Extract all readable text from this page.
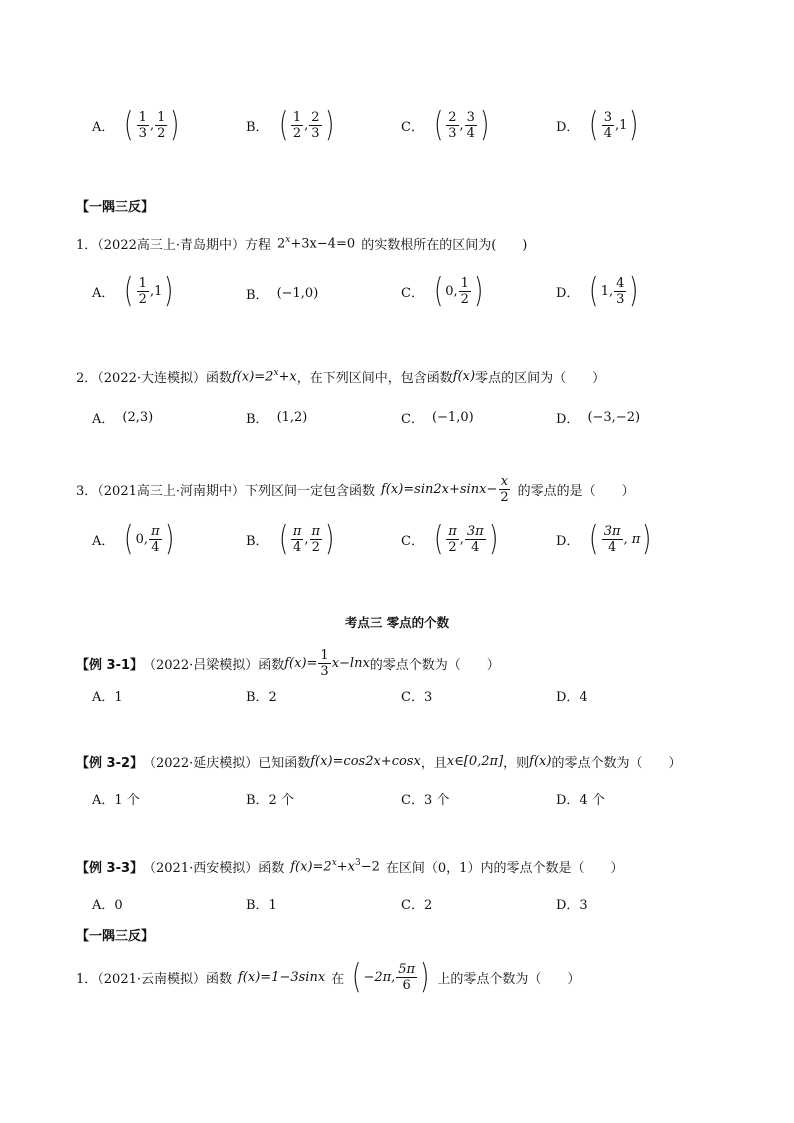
A． ( $\frac{1}{3}$ , $\frac{1}{2}$ )	B． ( $\frac{1}{2}$ , $\frac{2}{3}$ )	C． ( $\frac{2}{3}$ , $\frac{3}{4}$ )	D． ( $\frac{3}{4}$ , 1 )
【一隅三反】
1．（2022高三上·青岛期中）方程 $2^x+3x-4=0$ 的实数根所在的区间为(　　)
A． ( $\frac{1}{2} ,1$ )	B． (−1,0)	C． ( 0, $\frac{1}{2}$ )	D． ( 1, $\frac{4}{3}$ )
2．（2022·大连模拟）函数 $f(x)=2^x+x$ ，在下列区间中，包含函数 f(x) 零点的区间为（　　）
A． (2,3)	B． (1,2)	C． (−1,0)	D． (−3,−2)
3．（2021高三上·河南期中）下列区间一定包含函数 $f(x)=\sin 2x+\sin x- \frac{x}{2}$ 的零点的是（　　）
A． ( 0, $\frac{\pi}{4}$ )	B． ( $\frac{\pi}{4}$ , $\frac{\pi}{2}$ )	C． ( $\frac{\pi}{2}$ , $\frac{3\pi}{4}$ )	D． ( $\frac{3\pi}{4}$ , π )
考点三 零点的个数
【例 3-1】 （2022·吕梁模拟）函数 $f(x)= \frac{1}{3} x-\ln x$ 的零点个数为（　　）
A．1	B．2	C．3	D．4
【例 3-2】 （2022·延庆模拟）已知函数 f(x)=cos2x+cosx ，且 x∈[0,2π] ，则 f(x) 的零点个数为（　　）
A．1 个	B．2 个	C．3 个	D．4 个
【例 3-3】 （2021·西安模拟）函数 $f(x)=2^x+x^3-2$ 在区间（0，1）内的零点个数是（　　）
A．0	B．1	C．2	D．3
【一隅三反】
1．（2021·云南模拟）函数 f(x)=1−3sinx 在 ( −2π, $\frac{5\pi}{6}$ ) 上的零点个数为（　　）
